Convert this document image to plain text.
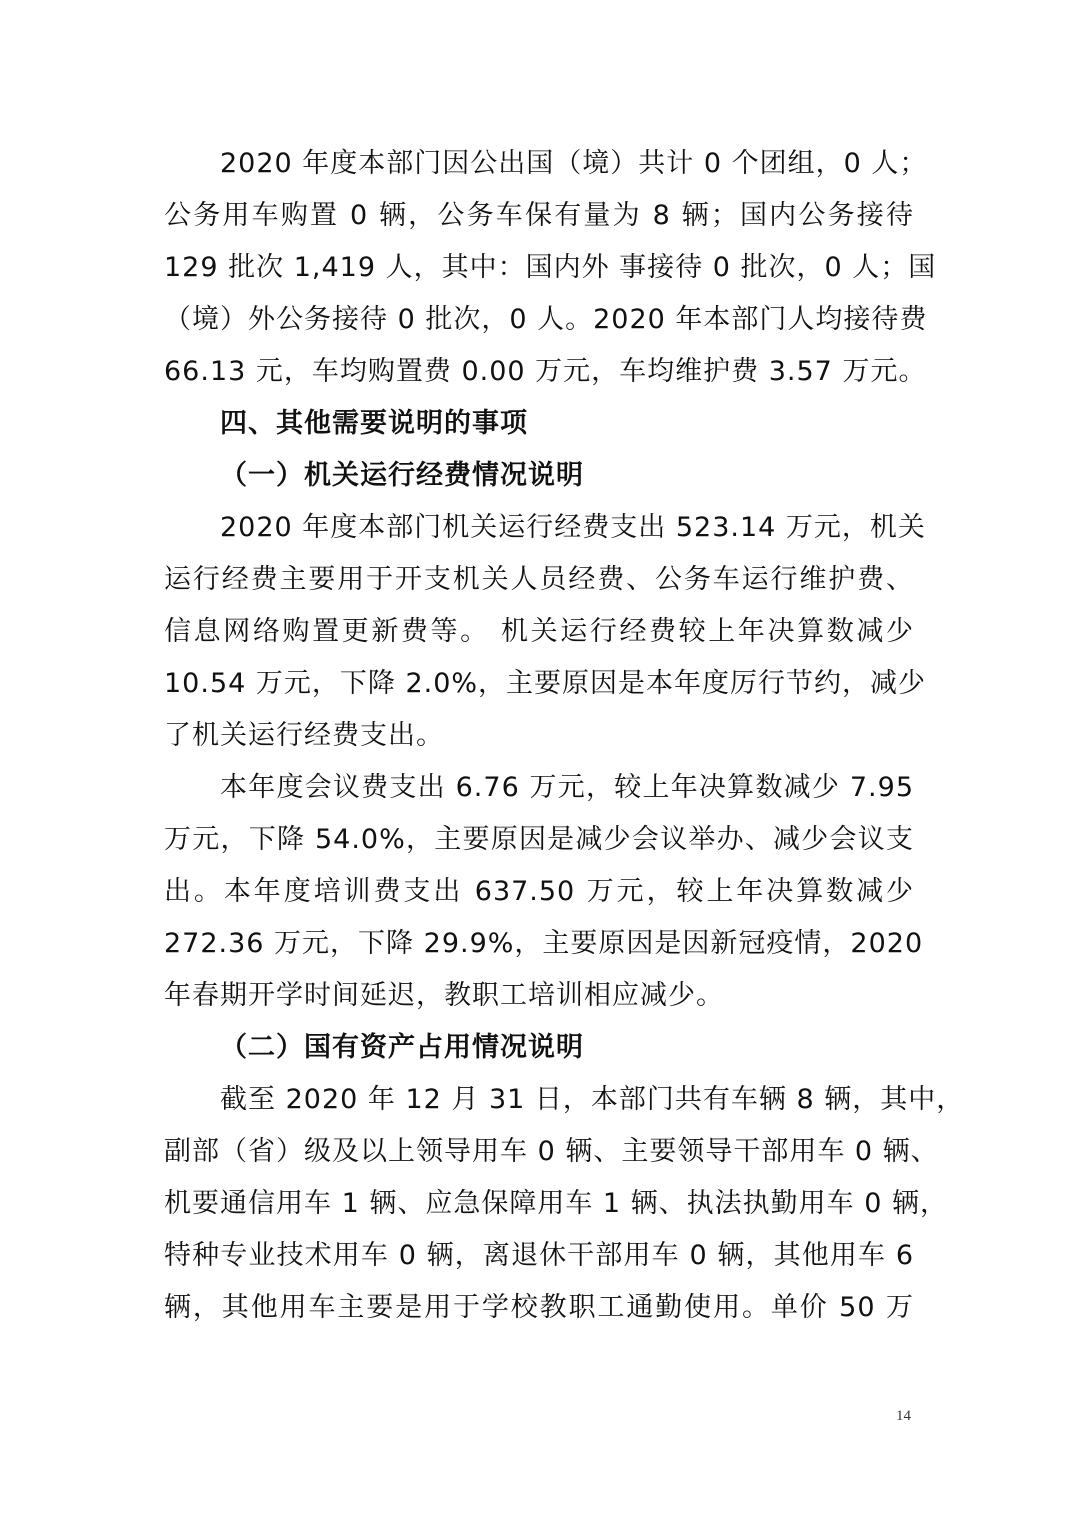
2020 年度本部门因公出国（境）共计 0 个团组，0 人；
公务用车购置 0 辆，公务车保有量为 8 辆；国内公务接待
129 批次 1,419 人，其中：国内外 事接待 0 批次，0 人；国
（境）外公务接待 0 批次，0 人。2020 年本部门人均接待费
66.13 元，车均购置费 0.00 万元，车均维护费 3.57 万元。
四、其他需要说明的事项
（一）机关运行经费情况说明
2020 年度本部门机关运行经费支出 523.14 万元，机关
运行经费主要用于开支机关人员经费、公务车运行维护费、
信息网络购置更新费等。 机关运行经费较上年决算数减少
10.54 万元，下降 2.0%，主要原因是本年度厉行节约，减少
了机关运行经费支出。
本年度会议费支出 6.76 万元，较上年决算数减少 7.95
万元，下降 54.0%，主要原因是减少会议举办、减少会议支
出。本年度培训费支出 637.50 万元，较上年决算数减少
272.36 万元，下降 29.9%，主要原因是因新冠疫情，2020
年春期开学时间延迟，教职工培训相应减少。
（二）国有资产占用情况说明
截至 2020 年 12 月 31 日，本部门共有车辆 8 辆，其中，
副部（省）级及以上领导用车 0 辆、主要领导干部用车 0 辆、
机要通信用车 1 辆、应急保障用车 1 辆、执法执勤用车 0 辆，
特种专业技术用车 0 辆，离退休干部用车 0 辆，其他用车 6
辆，其他用车主要是用于学校教职工通勤使用。单价 50 万
14
